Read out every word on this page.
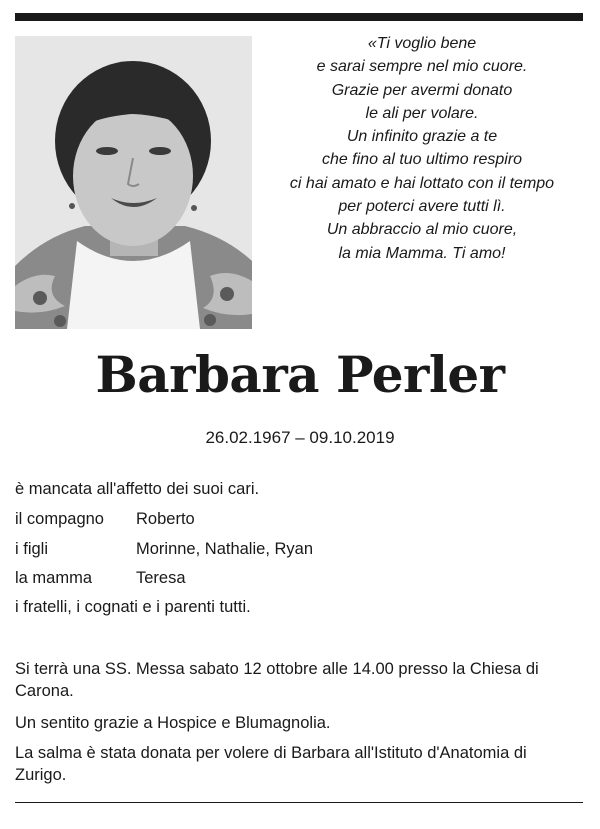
«Ti voglio bene
e sarai sempre nel mio cuore.
Grazie per avermi donato
le ali per volare.
Un infinito grazie a te
che fino al tuo ultimo respiro
ci hai amato e hai lottato con il tempo
per poterci avere tutti lì.
Un abbraccio al mio cuore,
la mia Mamma. Ti amo!
Barbara Perler
26.02.1967 – 09.10.2019
è mancata all'affetto dei suoi cari.
il compagno Roberto
i figli	Morinne, Nathalie, Ryan
la mamma	Teresa
i fratelli, i cognati e i parenti tutti.
Si terrà una SS. Messa sabato 12 ottobre alle 14.00 presso la Chiesa di Carona.
Un sentito grazie a Hospice e Blumagnolia.
La salma è stata donata per volere di Barbara all'Istituto d'Anatomia di Zurigo.
